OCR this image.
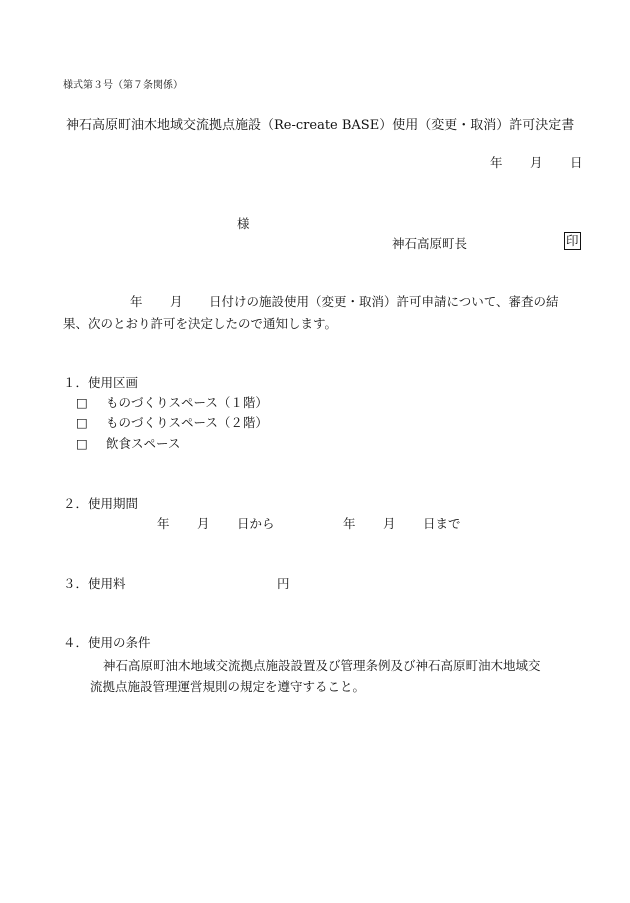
様式第３号（第７条関係）
神石高原町油木地域交流拠点施設（Re-create BASE）使用（変更・取消）許可決定書
年 月 日
様
神石高原町長	印
年 月 日付けの施設使用（変更・取消）許可申請について、審査の結
果、次のとおり許可を決定したので通知します。
１．使用区画
□ ものづくりスペース（１階）
□ ものづくりスペース（２階）
□ 飲食スペース
２．使用期間
年 月 日から	年 月 日まで
３．使用料	円
４．使用の条件
神石高原町油木地域交流拠点施設設置及び管理条例及び神石高原町油木地域交
流拠点施設管理運営規則の規定を遵守すること。
